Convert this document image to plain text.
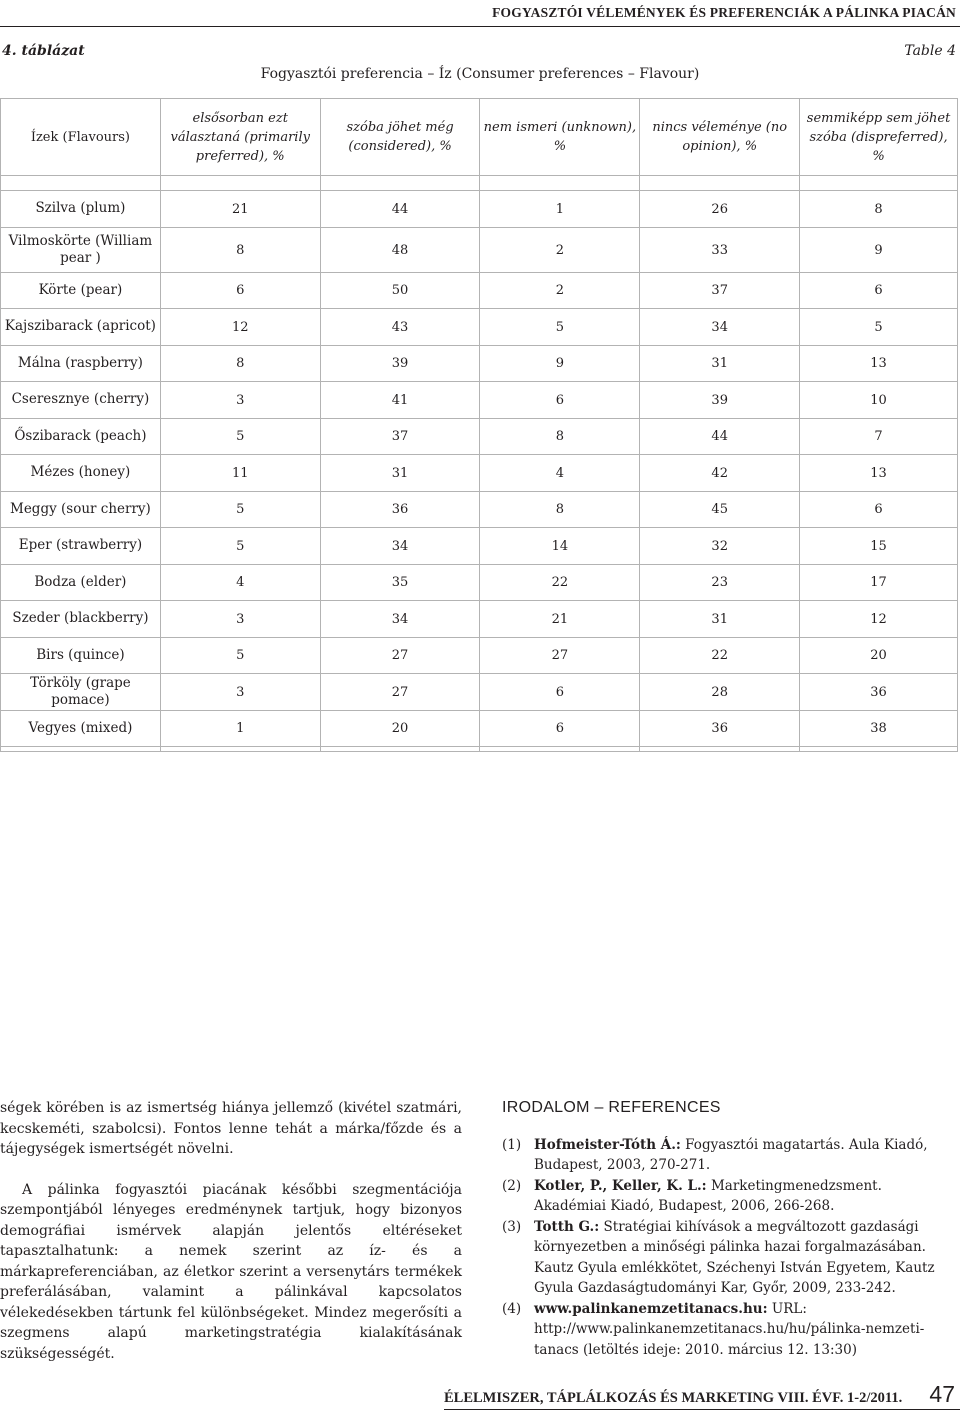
FOGYASZTÓI VÉLEMÉNYEK ÉS PREFERENCIÁK A PÁLINKA PIACÁN
4. táblázat	Table 4
Fogyasztói preferencia – Íz (Consumer preferences – Flavour)
Ízek (Flavours)	elsősorban ezt választaná (primarily preferred), %	szóba jöhet még (considered), %	nem ismeri (unknown), %	nincs véleménye (no opinion), %	semmiképp sem jöhet szóba (dispreferred), %

Szilva (plum)	21	44	1	26	8
Vilmoskörte (William pear )	8	48	2	33	9
Körte (pear)	6	50	2	37	6
Kajszibarack (apricot)	12	43	5	34	5
Málna (raspberry)	8	39	9	31	13
Cseresznye (cherry)	3	41	6	39	10
Őszibarack (peach)	5	37	8	44	7
Mézes (honey)	11	31	4	42	13
Meggy (sour cherry)	5	36	8	45	6
Eper (strawberry)	5	34	14	32	15
Bodza (elder)	4	35	22	23	17
Szeder (blackberry)	3	34	21	31	12
Birs (quince)	5	27	27	22	20
Törköly (grape pomace)	3	27	6	28	36
Vegyes (mixed)	1	20	6	36	38

ségek körében is az ismertség hiánya jellemző (kivétel szatmári, kecskeméti, szabolcsi). Fontos lenne tehát a márka/főzde és a tájegységek ismertségét növelni.

A pálinka fogyasztói piacának későbbi szegmentációja szempontjából lényeges eredménynek tartjuk, hogy bizonyos demográfiai ismérvek alapján jelentős eltéréseket tapasztalhatunk: a nemek szerint az íz- és a márkapreferenciában, az életkor szerint a versenytárs termékek preferálásában, valamint a pálinkával kapcsolatos vélekedésekben tártunk fel különbségeket. Mindez megerősíti a szegmens alapú marketingstratégia kialakításának szükségességét.

IRODALOM – REFERENCES
(1) Hofmeister-Tóth Á.: Fogyasztói magatartás. Aula Kiadó, Budapest, 2003, 270-271.
(2) Kotler, P., Keller, K. L.: Marketingmenedzsment. Akadémiai Kiadó, Budapest, 2006, 266-268.
(3) Totth G.: Stratégiai kihívások a megváltozott gazdasági környezetben a minőségi pálinka hazai forgalmazásában. Kautz Gyula emlékkötet, Széchenyi István Egyetem, Kautz Gyula Gazdaságtudományi Kar, Győr, 2009, 233-242.
(4) www.palinkanemzetitanacs.hu: URL: http://www.palinkanemzetitanacs.hu/hu/pálinka-nemzeti-tanacs (letöltés ideje: 2010. március 12. 13:30)
ÉLELMISZER, TÁPLÁLKOZÁS ÉS MARKETING VIII. ÉVF. 1-2/2011. 47
